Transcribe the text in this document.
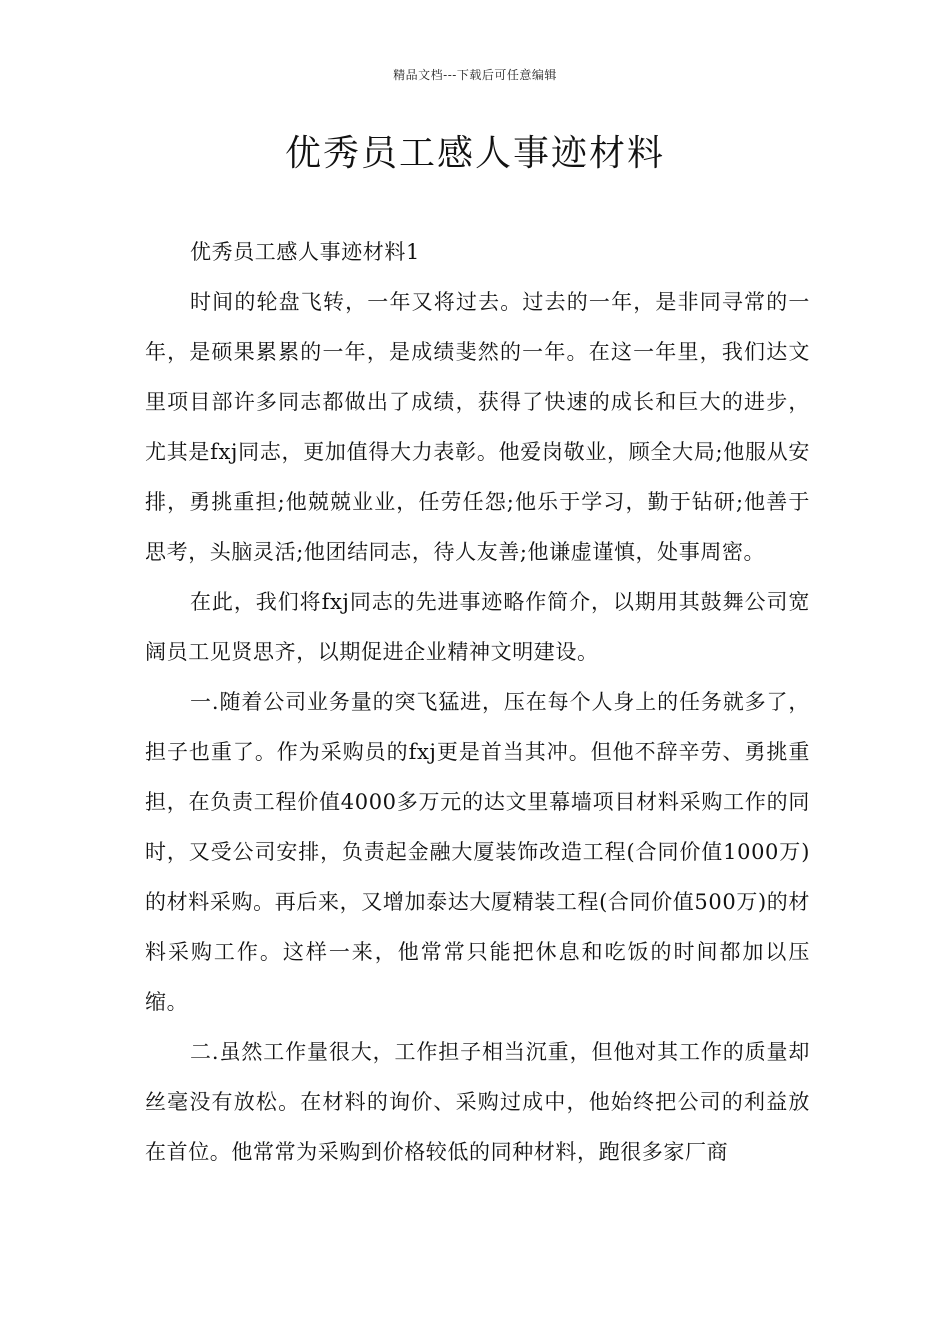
精品文档---下载后可任意编辑
优秀员工感人事迹材料

优秀员工感人事迹材料1

时间的轮盘飞转，一年又将过去。过去的一年，是非同寻常的一年，是硕果累累的一年，是成绩斐然的一年。在这一年里，我们达文里项目部许多同志都做出了成绩，获得了快速的成长和巨大的进步，尤其是fxj同志，更加值得大力表彰。他爱岗敬业，顾全大局;他服从安排，勇挑重担;他兢兢业业，任劳任怨;他乐于学习，勤于钻研;他善于思考，头脑灵活;他团结同志，待人友善;他谦虚谨慎，处事周密。

在此，我们将fxj同志的先进事迹略作简介，以期用其鼓舞公司宽阔员工见贤思齐，以期促进企业精神文明建设。

一.随着公司业务量的突飞猛进，压在每个人身上的任务就多了，担子也重了。作为采购员的fxj更是首当其冲。但他不辞辛劳、勇挑重担，在负责工程价值4000多万元的达文里幕墙项目材料采购工作的同时，又受公司安排，负责起金融大厦装饰改造工程(合同价值1000万)的材料采购。再后来，又增加泰达大厦精装工程(合同价值500万)的材料采购工作。这样一来，他常常只能把休息和吃饭的时间都加以压缩。

二.虽然工作量很大，工作担子相当沉重，但他对其工作的质量却丝毫没有放松。在材料的询价、采购过成中，他始终把公司的利益放在首位。他常常为采购到价格较低的同种材料，跑很多家厂商
